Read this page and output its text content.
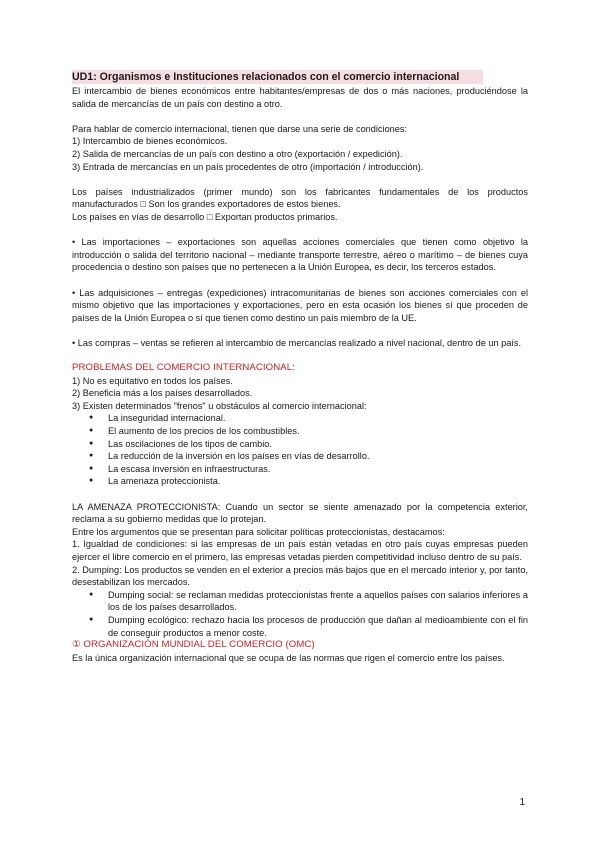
UD1: Organismos e Instituciones relacionados con el comercio internacional

El intercambio de bienes económicos entre habitantes/empresas de dos o más naciones, produciéndose la salida de mercancías de un país con destino a otro.

Para hablar de comercio internacional, tienen que darse una serie de condiciones:

1) Intercambio de bienes económicos.

2) Salida de mercancías de un país con destino a otro (exportación / expedición).

3) Entrada de mercancías en un país procedentes de otro (importación / introducción).

Los países industrializados (primer mundo) son los fabricantes fundamentales de los productos manufacturados □ Son los grandes exportadores de estos bienes.

Los países en vías de desarrollo □ Exportan productos primarios.

• Las importaciones – exportaciones son aquellas acciones comerciales que tienen como objetivo la introducción o salida del territorio nacional – mediante transporte terrestre, aéreo o marítimo – de bienes cuya procedencia o destino son países que no pertenecen a la Unión Europea, es decir, los terceros estados.

• Las adquisiciones – entregas (expediciones) intracomunitarias de bienes son acciones comerciales con el mismo objetivo que las importaciones y exportaciones, pero en esta ocasión los bienes sí que proceden de países de la Unión Europea o sí que tienen como destino un país miembro de la UE.

• Las compras – ventas se refieren al intercambio de mercancías realizado a nivel nacional, dentro de un país.

PROBLEMAS DEL COMERCIO INTERNACIONAL:

1) No es equitativo en todos los países.

2) Beneficia más a los países desarrollados.

3) Existen determinados "frenos" u obstáculos al comercio internacional:

● La inseguridad internacional.
● El aumento de los precios de los combustibles.
● Las oscilaciones de los tipos de cambio.
● La reducción de la inversión en los países en vías de desarrollo.
● La escasa inversión en infraestructuras.
● La amenaza proteccionista.

LA AMENAZA PROTECCIONISTA: Cuando un sector se siente amenazado por la competencia exterior, reclama a su gobierno medidas que lo protejan.

Entre los argumentos que se presentan para solicitar políticas proteccionistas, destacamos:

1. Igualdad de condiciones: si las empresas de un país están vetadas en otro país cuyas empresas pueden ejercer el libre comercio en el primero, las empresas vetadas pierden competitividad incluso dentro de su país.

2. Dumping: Los productos se venden en el exterior a precios más bajos que en el mercado interior y, por tanto, desestabilizan los mercados.

● Dumping social: se reclaman medidas proteccionistas frente a aquellos países con salarios inferiores a los de los países desarrollados.
● Dumping ecológico: rechazo hacia los procesos de producción que dañan al medioambiente con el fin de conseguir productos a menor coste.

① ORGANIZACIÓN MUNDIAL DEL COMERCIO (OMC)

Es la única organización internacional que se ocupa de las normas que rigen el comercio entre los países.

1
